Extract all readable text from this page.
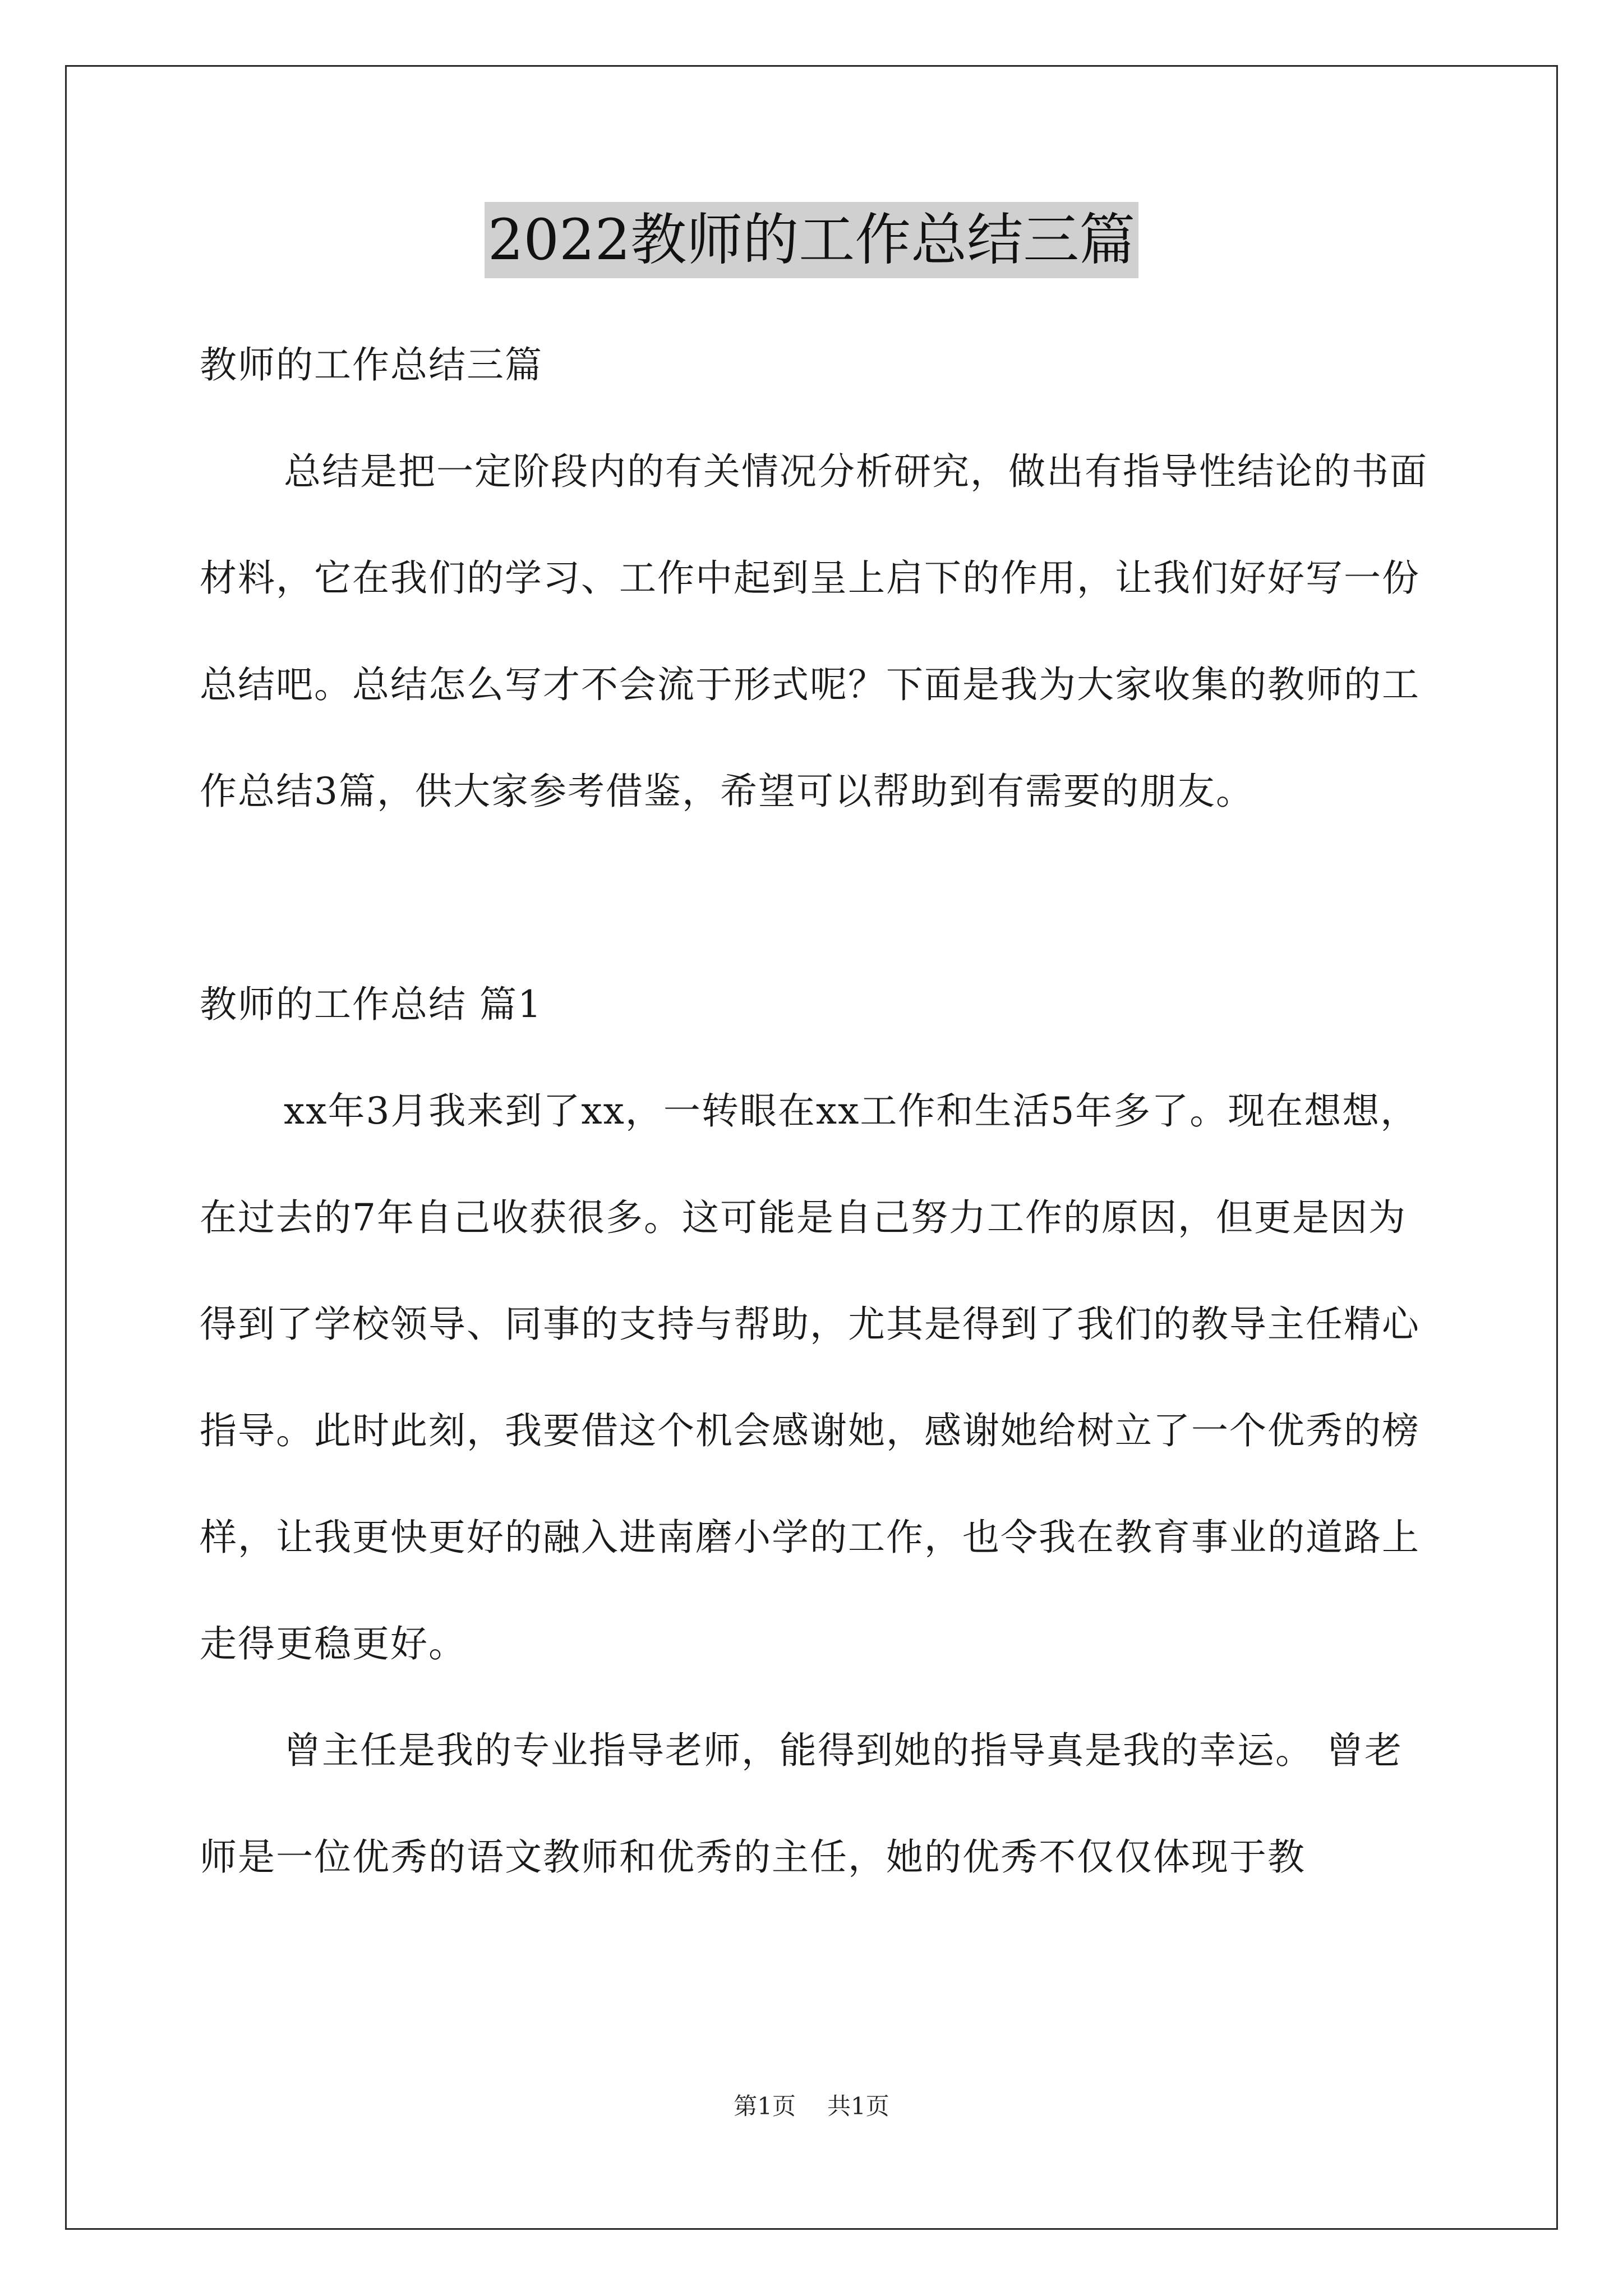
2022教师的工作总结三篇

教师的工作总结三篇

总结是把一定阶段内的有关情况分析研究，做出有指导性结论的书面材料，它在我们的学习、工作中起到呈上启下的作用，让我们好好写一份总结吧。总结怎么写才不会流于形式呢？下面是我为大家收集的教师的工作总结3篇，供大家参考借鉴，希望可以帮助到有需要的朋友。

教师的工作总结 篇1

xx年3月我来到了xx，一转眼在xx工作和生活5年多了。现在想想，在过去的7年自己收获很多。这可能是自己努力工作的原因，但更是因为得到了学校领导、同事的支持与帮助，尤其是得到了我们的教导主任精心指导。此时此刻，我要借这个机会感谢她，感谢她给树立了一个优秀的榜样，让我更快更好的融入进南磨小学的工作，也令我在教育事业的道路上走得更稳更好。

曾主任是我的专业指导老师，能得到她的指导真是我的幸运。 曾老师是一位优秀的语文教师和优秀的主任，她的优秀不仅仅体现于教

第1页 共1页
